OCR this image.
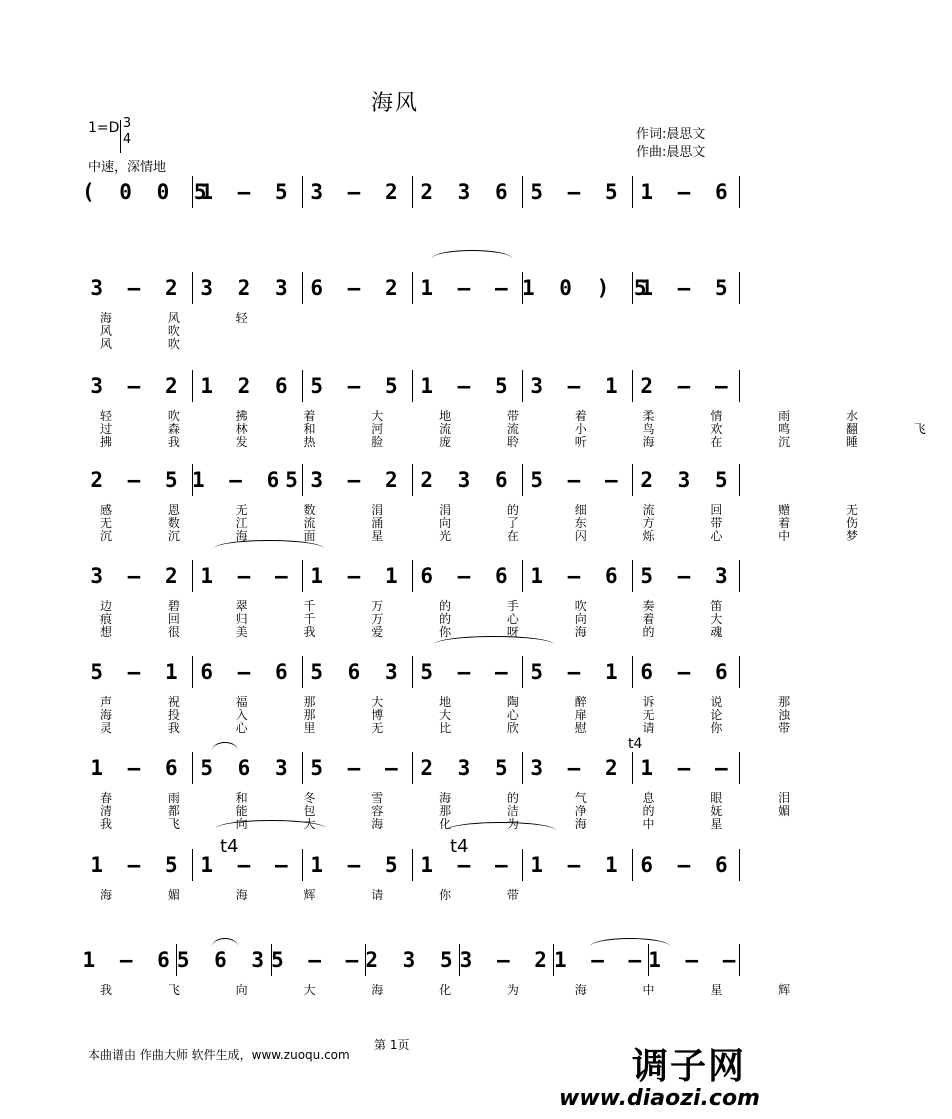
海风
1=D 3
4
中速，深情地
作词:晨思文
作曲:晨思文
( 0 0 5
1 – 5 3 – 2 2 3 6 5 – 5 1 – 6
3 – 2 3 2 3 6 – 2 1 – – 1 0 ) 5
1 – 5
海 风 轻
风 吹
风 吹
3 – 2 1 2 6 5 – 5 1 – 5 3 – 1 2 – –
轻 吹 拂 着 大 地 带 着 柔 情 雨 水
过 森 林 和 河 流 流 小 鸟 欢 鸣 翻 飞
拂 我 发 热 脸 庞 聆 听 海 在 沉 睡
2 – 5 1 – 65 3 – 2 2 3 6 5 – – 2 3 5
感 恩 无 数 涓 涓 的 细 流 回 赠 无
无 数 江 流 涌 向 了 东 方 带 着 伤
沉 沉 海 面 星 光 在 闪 烁 心 中 梦
3 – 2 1 – – 1 – 1 6 – 6 1 – 6 5 – 3
边 碧 翠 千 万 的 手 吹 奏 笛
痕 回 归 千 万 的 心 向 着 大
想 很 美 我 爱 你 呀 海 的 魂
5 – 1 6 – 6 5 6 3 5 – – 5 – 1 6 – 6
声 祝 福 那 大 地 陶 醉 诉 说 那
海 投 入 那 博 大 心 扉 无 论 浊
灵 我 心 里 无 比 欣 慰 请 你 带
1 – 6 5 6 3 5 – – 2 3 5 3 – 2 1 – –
春 雨 和 冬 雪 海 的 气 息 眼 泪
清 都 能 包 容 那 洁 净 的 妩 媚
我 飞 向 大 海 化 为 海 中 星
1 – 5 1 – – 1 – 5 1 – – 1 – 1 6 – 6
海 媚 海 辉 请 你 带
1 – 6 5 6 3 5 – – 2 3 5 3 – 2 1 – – 1 – –
我 飞 向 大 海 化 为 海 中 星 辉
t4	t4
t4
第 1页
本曲谱由 作曲大师 软件生成，www.zuoqu.com	调子网
www.diaozi.com
